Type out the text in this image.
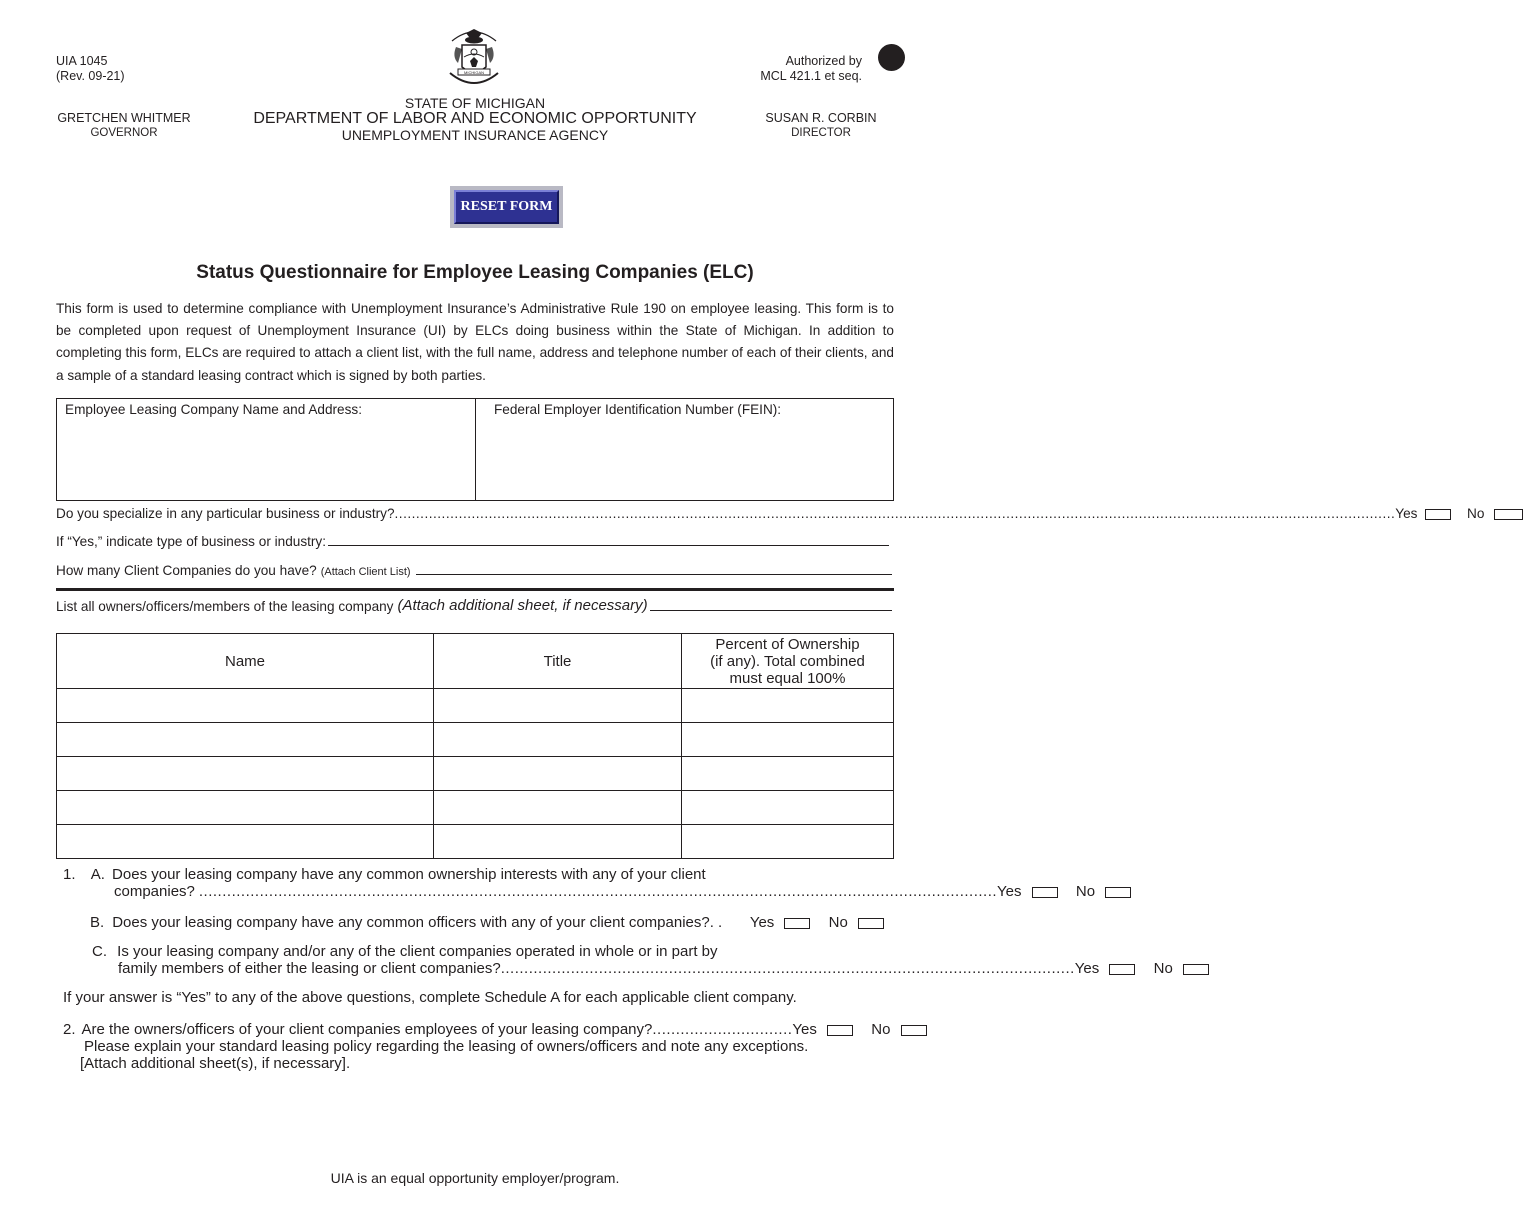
UIA 1045
(Rev. 09-21)	MICHIGAN
Authorized by
MCL 421.1 et seq.
STATE OF MICHIGAN
DEPARTMENT OF LABOR AND ECONOMIC OPPORTUNITY
UNEMPLOYMENT INSURANCE AGENCY
GRETCHEN WHITMER
GOVERNOR
SUSAN R. CORBIN
DIRECTOR
RESET FORM
Status Questionnaire for Employee Leasing Companies (ELC)
This form is used to determine compliance with Unemployment Insurance’s Administrative Rule 190 on employee leasing. This form is to be completed upon request of Unemployment Insurance (UI) by ELCs doing business within the State of Michigan. In addition to completing this form, ELCs are required to attach a client list, with the full name, address and telephone number of each of their clients, and a sample of a standard leasing contract which is signed by both parties.
Employee Leasing Company Name and Address:	Federal Employer Identification Number (FEIN):
Do you specialize in any particular business or industry? .......................................................................................................................................................................................................................................... Yes	No
If “Yes,” indicate type of business or industry:
How many Client Companies do you have? (Attach Client List)
List all owners/officers/members of the leasing company (Attach additional sheet, if necessary)
Name	Title	Percent of Ownership
(if any). Total combined
must equal 100%

1. A. Does your leasing company have any common ownership interests with any of your client
companies? ........................................................................................................................................................................... Yes	No
B. Does your leasing company have any common officers with any of your client companies?. . Yes	No
C. Is your leasing company and/or any of the client companies operated in whole or in part by
family members of either the leasing or client companies? ........................................................................................................................... Yes	No
If your answer is “Yes” to any of the above questions, complete Schedule A for each applicable client company.
2. Are the owners/officers of your client companies employees of your leasing company? .............................. Yes	No
Please explain your standard leasing policy regarding the leasing of owners/officers and note any exceptions.
[Attach additional sheet(s), if necessary].
UIA is an equal opportunity employer/program.
